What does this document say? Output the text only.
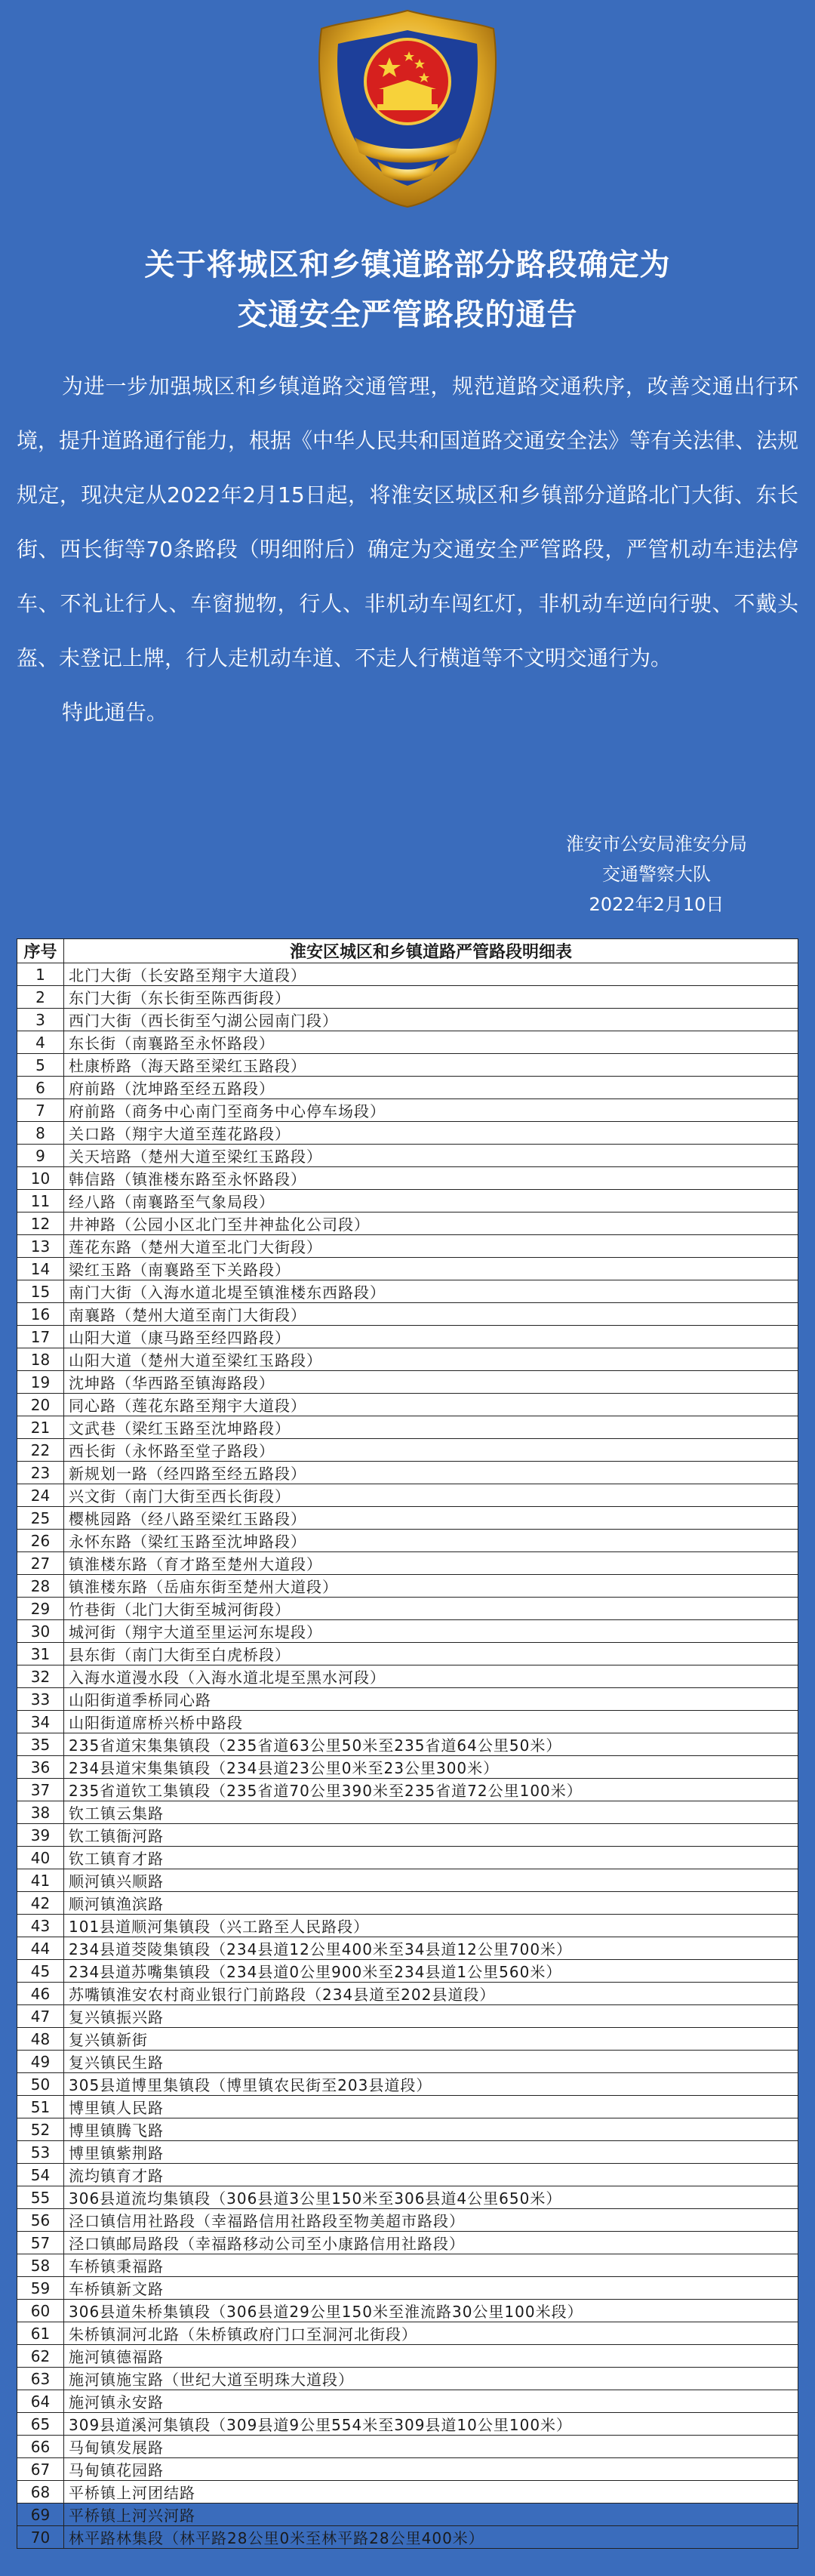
关于将城区和乡镇道路部分路段确定为
交通安全严管路段的通告

为进一步加强城区和乡镇道路交通管理，规范道路交通秩序，改善交通出行环境，提升道路通行能力，根据《中华人民共和国道路交通安全法》等有关法律、法规规定，现决定从2022年2月15日起，将淮安区城区和乡镇部分道路北门大街、东长街、西长街等70条路段（明细附后）确定为交通安全严管路段，严管机动车违法停车、不礼让行人、车窗抛物，行人、非机动车闯红灯，非机动车逆向行驶、不戴头盔、未登记上牌，行人走机动车道、不走人行横道等不文明交通行为。

特此通告。

淮安市公安局淮安分局
交通警察大队
2022年2月10日
序号	淮安区城区和乡镇道路严管路段明细表
1	北门大街（长安路至翔宇大道段）
2	东门大街（东长街至陈西街段）
3	西门大街（西长街至勺湖公园南门段）
4	东长街（南襄路至永怀路段）
5	杜康桥路（海天路至梁红玉路段）
6	府前路（沈坤路至经五路段）
7	府前路（商务中心南门至商务中心停车场段）
8	关口路（翔宇大道至莲花路段）
9	关天培路（楚州大道至梁红玉路段）
10	韩信路（镇淮楼东路至永怀路段）
11	经八路（南襄路至气象局段）
12	井神路（公园小区北门至井神盐化公司段）
13	莲花东路（楚州大道至北门大街段）
14	梁红玉路（南襄路至下关路段）
15	南门大街（入海水道北堤至镇淮楼东西路段）
16	南襄路（楚州大道至南门大街段）
17	山阳大道（康马路至经四路段）
18	山阳大道（楚州大道至梁红玉路段）
19	沈坤路（华西路至镇海路段）
20	同心路（莲花东路至翔宇大道段）
21	文武巷（梁红玉路至沈坤路段）
22	西长街（永怀路至堂子路段）
23	新规划一路（经四路至经五路段）
24	兴文街（南门大街至西长街段）
25	樱桃园路（经八路至梁红玉路段）
26	永怀东路（梁红玉路至沈坤路段）
27	镇淮楼东路（育才路至楚州大道段）
28	镇淮楼东路（岳庙东街至楚州大道段）
29	竹巷街（北门大街至城河街段）
30	城河街（翔宇大道至里运河东堤段）
31	县东街（南门大街至白虎桥段）
32	入海水道漫水段（入海水道北堤至黑水河段）
33	山阳街道季桥同心路
34	山阳街道席桥兴桥中路段
35	235省道宋集集镇段（235省道63公里50米至235省道64公里50米）
36	234县道宋集集镇段（234县道23公里0米至23公里300米）
37	235省道钦工集镇段（235省道70公里390米至235省道72公里100米）
38	钦工镇云集路
39	钦工镇衙河路
40	钦工镇育才路
41	顺河镇兴顺路
42	顺河镇渔滨路
43	101县道顺河集镇段（兴工路至人民路段）
44	234县道茭陵集镇段（234县道12公里400米至34县道12公里700米）
45	234县道苏嘴集镇段（234县道0公里900米至234县道1公里560米）
46	苏嘴镇淮安农村商业银行门前路段（234县道至202县道段）
47	复兴镇振兴路
48	复兴镇新街
49	复兴镇民生路
50	305县道博里集镇段（博里镇农民街至203县道段）
51	博里镇人民路
52	博里镇腾飞路
53	博里镇紫荆路
54	流均镇育才路
55	306县道流均集镇段（306县道3公里150米至306县道4公里650米）
56	泾口镇信用社路段（幸福路信用社路段至物美超市路段）
57	泾口镇邮局路段（幸福路移动公司至小康路信用社路段）
58	车桥镇秉福路
59	车桥镇新文路
60	306县道朱桥集镇段（306县道29公里150米至淮流路30公里100米段）
61	朱桥镇洞河北路（朱桥镇政府门口至洞河北街段）
62	施河镇德福路
63	施河镇施宝路（世纪大道至明珠大道段）
64	施河镇永安路
65	309县道溪河集镇段（309县道9公里554米至309县道10公里100米）
66	马甸镇发展路
67	马甸镇花园路
68	平桥镇上河团结路
69	平桥镇上河兴河路
70	林平路林集段（林平路28公里0米至林平路28公里400米）
